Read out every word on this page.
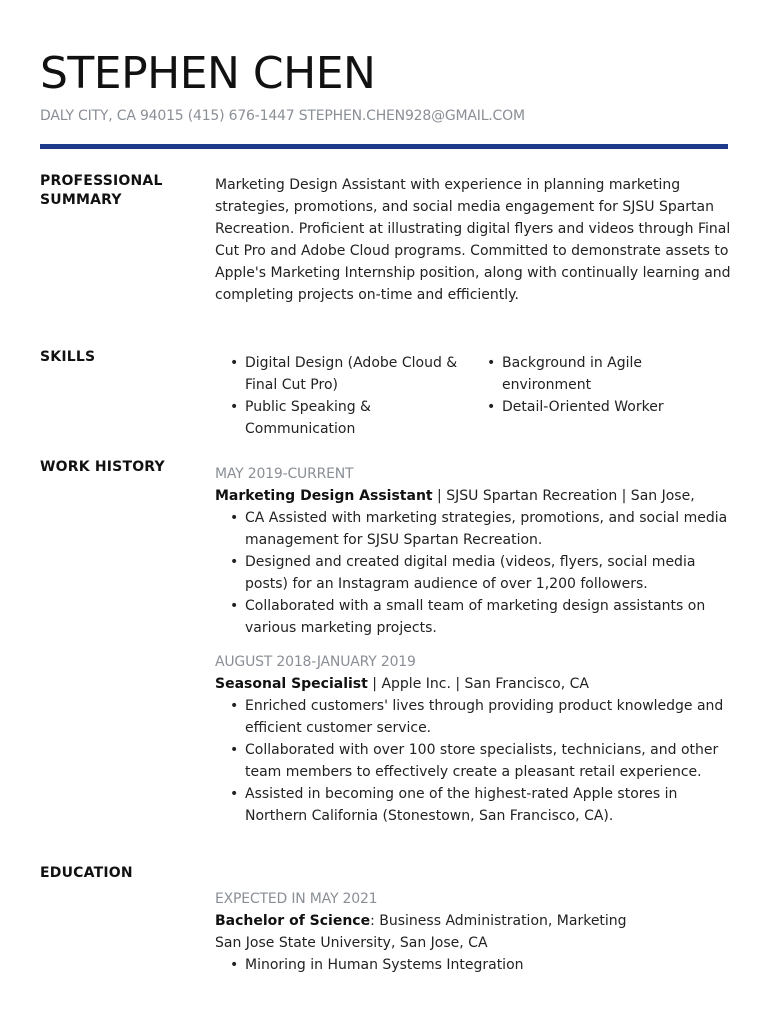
STEPHEN CHEN
DALY CITY, CA 94015 (415) 676-1447 STEPHEN.CHEN928@GMAIL.COM
PROFESSIONAL SUMMARY
Marketing Design Assistant with experience in planning marketing strategies, promotions, and social media engagement for SJSU Spartan Recreation. Proficient at illustrating digital flyers and videos through Final Cut Pro and Adobe Cloud programs. Committed to demonstrate assets to Apple's Marketing Internship position, along with continually learning and completing projects on-time and efficiently.
SKILLS
•	Digital Design (Adobe Cloud & Final Cut Pro)
• Public Speaking & Communication
• Background in Agile environment
• Detail-Oriented Worker
WORK HISTORY	MAY 2019-CURRENT
Marketing Design Assistant | SJSU Spartan Recreation | San Jose,
• CA Assisted with marketing strategies, promotions, and social media management for SJSU Spartan Recreation.
• Designed and created digital media (videos, flyers, social media posts) for an Instagram audience of over 1,200 followers.
• Collaborated with a small team of marketing design assistants on various marketing projects.
AUGUST 2018-JANUARY 2019
Seasonal Specialist | Apple Inc. | San Francisco, CA
• Enriched customers' lives through providing product knowledge and efficient customer service.
• Collaborated with over 100 store specialists, technicians, and other team members to effectively create a pleasant retail experience.
• Assisted in becoming one of the highest-rated Apple stores in Northern California (Stonestown, San Francisco, CA).
EDUCATION
EXPECTED IN MAY 2021
Bachelor of Science: Business Administration, Marketing
San Jose State University, San Jose, CA
• Minoring in Human Systems Integration
